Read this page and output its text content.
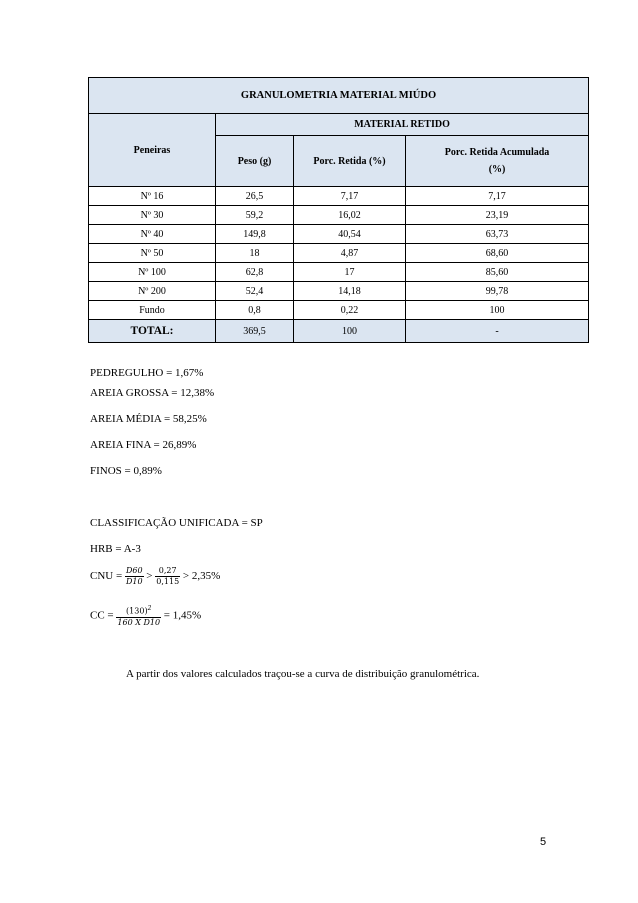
GRANULOMETRIA MATERIAL MIÚDO			
Peneiras	MATERIAL RETIDO		
	Peso (g)	Porc. Retida (%)	Porc. Retida Acumulada
(%)
Nº 16	26,5	7,17	7,17
Nº 30	59,2	16,02	23,19
Nº 40	149,8	40,54	63,73
Nº 50	18	4,87	68,60
Nº 100	62,8	17	85,60
Nº 200	52,4	14,18	99,78
Fundo	0,8	0,22	100
TOTAL:	369,5	100	-
PEDREGULHO = 1,67%
AREIA GROSSA = 12,38%
AREIA MÉDIA = 58,25%
AREIA FINA = 26,89%
FINOS = 0,89%
CLASSIFICAÇÃO UNIFICADA = SP
HRB = A-3
CNU = $\frac{D60}{D10} > \frac{0,27}{0,115} > 2,35\%$
CC = $\frac{(130)^2}{\text{160 X D10}} = 1,45\%$
A partir dos valores calculados traçou-se a curva de distribuição granulométrica.
5
